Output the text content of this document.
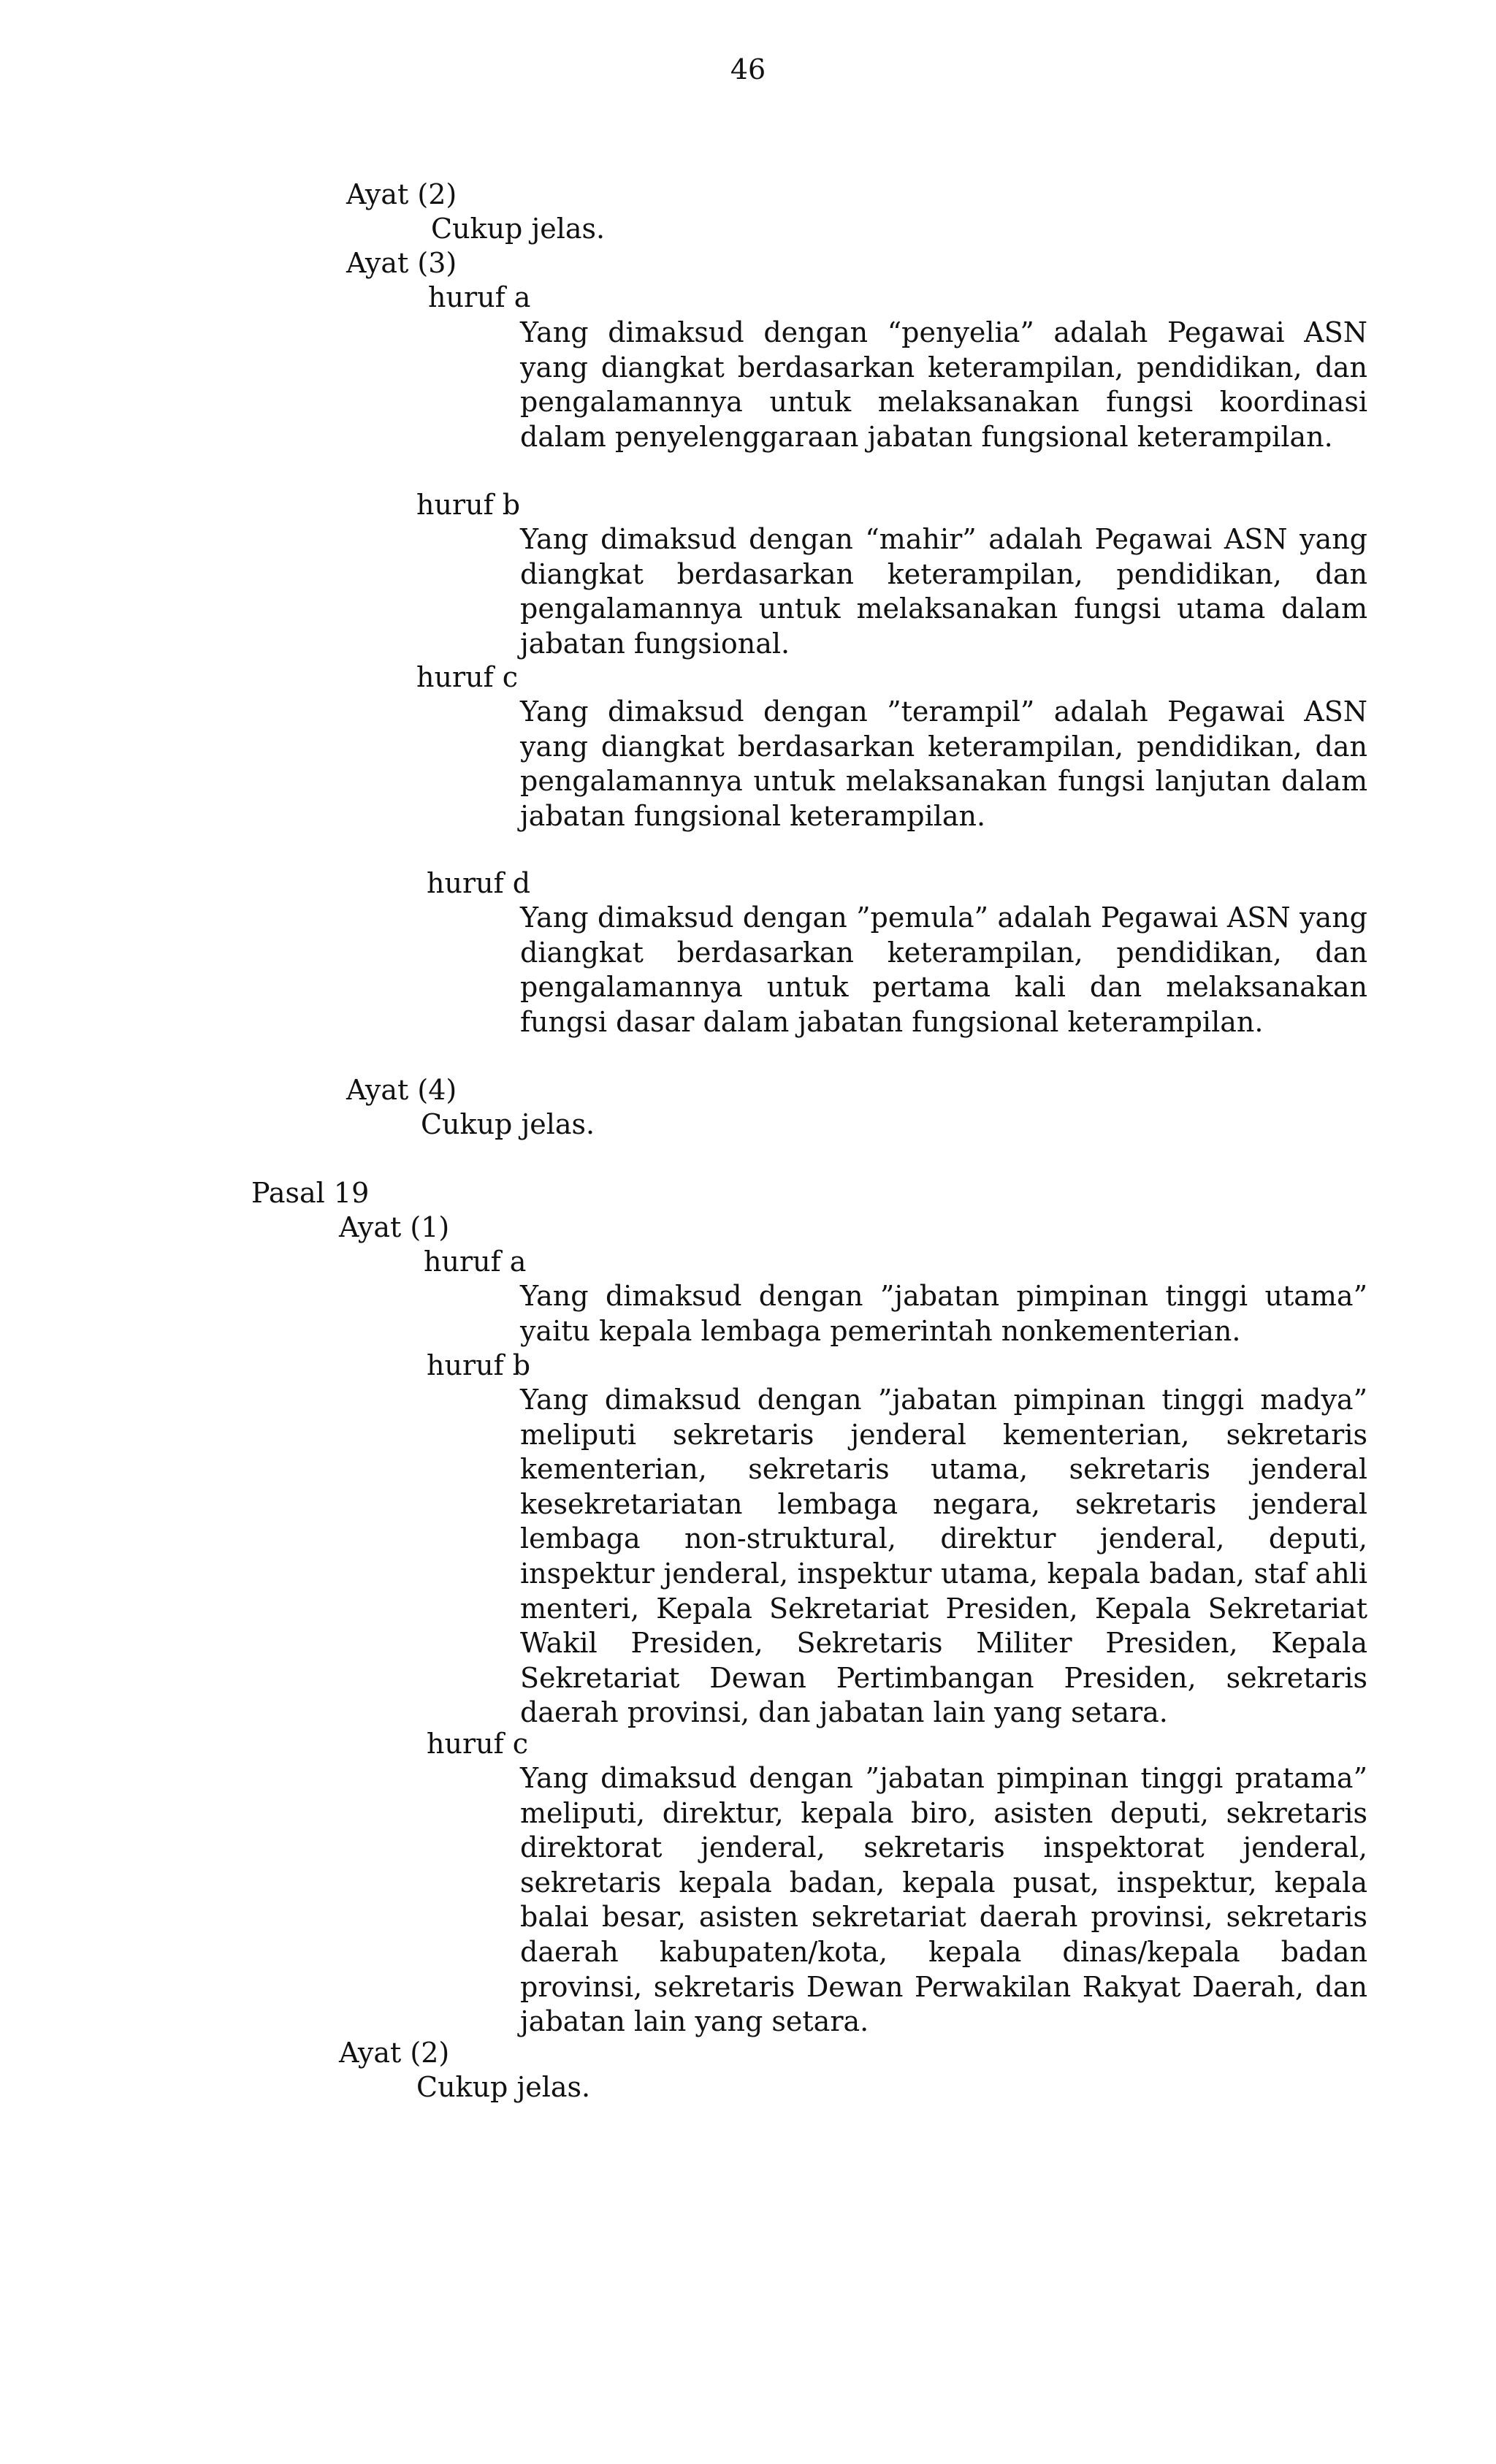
46
Ayat (2)
Cukup jelas.
Ayat (3)
huruf a

Yang dimaksud dengan “penyelia” adalah Pegawai ASN yang diangkat berdasarkan keterampilan, pendidikan, dan pengalamannya untuk melaksanakan fungsi koordinasi dalam penyelenggaraan jabatan fungsional keterampilan.

huruf b

Yang dimaksud dengan “mahir” adalah Pegawai ASN yang diangkat berdasarkan keterampilan, pendidikan, dan pengalamannya untuk melaksanakan fungsi utama dalam jabatan fungsional.

huruf c

Yang dimaksud dengan ”terampil” adalah Pegawai ASN yang diangkat berdasarkan keterampilan, pendidikan, dan pengalamannya untuk melaksanakan fungsi lanjutan dalam jabatan fungsional keterampilan.

huruf d

Yang dimaksud dengan ”pemula” adalah Pegawai ASN yang diangkat berdasarkan keterampilan, pendidikan, dan pengalamannya untuk pertama kali dan melaksanakan fungsi dasar dalam jabatan fungsional keterampilan.

Ayat (4)
Cukup jelas.
Pasal 19
Ayat (1)
huruf a

Yang dimaksud dengan ”jabatan pimpinan tinggi utama” yaitu kepala lembaga pemerintah nonkementerian.

huruf b

Yang dimaksud dengan ”jabatan pimpinan tinggi madya” meliputi sekretaris jenderal kementerian, sekretaris kementerian, sekretaris utama, sekretaris jenderal kesekretariatan lembaga negara, sekretaris jenderal lembaga non-struktural, direktur jenderal, deputi, inspektur jenderal, inspektur utama, kepala badan, staf ahli menteri, Kepala Sekretariat Presiden, Kepala Sekretariat Wakil Presiden, Sekretaris Militer Presiden, Kepala Sekretariat Dewan Pertimbangan Presiden, sekretaris daerah provinsi, dan jabatan lain yang setara.

huruf c

Yang dimaksud dengan ”jabatan pimpinan tinggi pratama” meliputi, direktur, kepala biro, asisten deputi, sekretaris direktorat jenderal, sekretaris inspektorat jenderal, sekretaris kepala badan, kepala pusat, inspektur, kepala balai besar, asisten sekretariat daerah provinsi, sekretaris daerah kabupaten/kota, kepala dinas/kepala badan provinsi, sekretaris Dewan Perwakilan Rakyat Daerah, dan jabatan lain yang setara.

Ayat (2)
Cukup jelas.
